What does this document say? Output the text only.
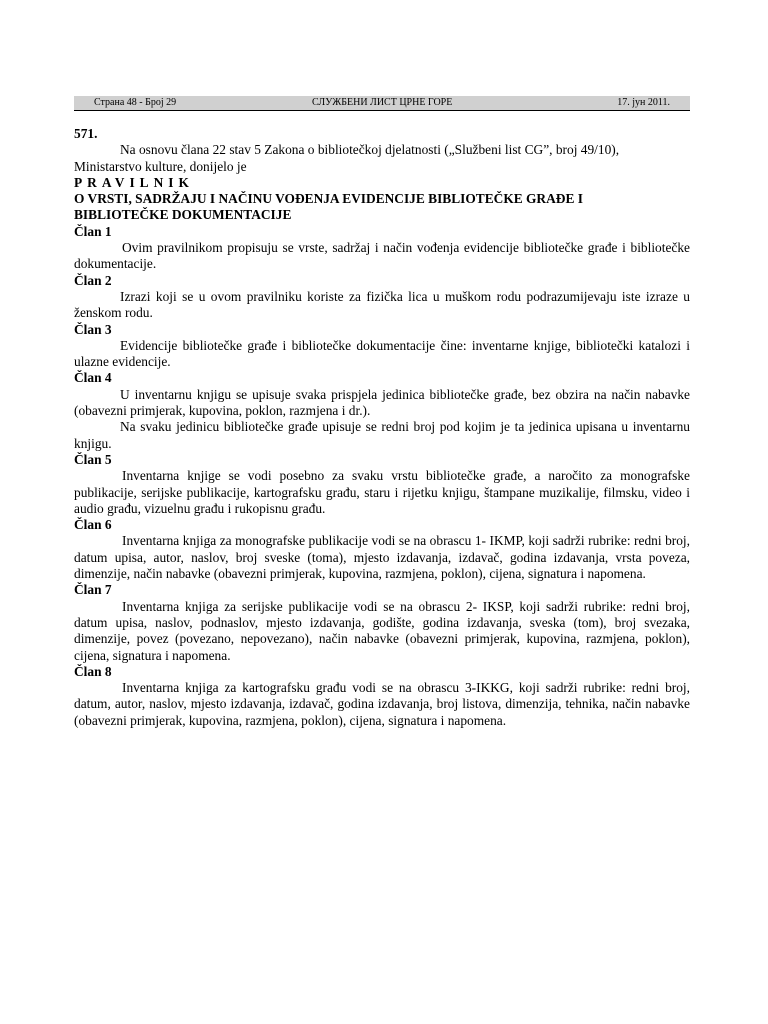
Страна 48 - Број 29	СЛУЖБЕНИ ЛИСТ ЦРНЕ ГОРЕ	17. јун 2011.

571.

Na osnovu člana 22 stav 5 Zakona o bibliotečkoj djelatnosti („Službeni list CG”, broj 49/10),
Ministarstvo kulture, donijelo je

PRAVILNIK

O VRSTI, SADRŽAJU I NAČINU VOĐENJA EVIDENCIJE BIBLIOTEČKE GRAĐE I

BIBLIOTEČKE DOKUMENTACIJE

Član 1

Ovim pravilnikom propisuju se vrste, sadržaj i način vođenja evidencije bibliotečke građe i bibliotečke dokumentacije.

Član 2

Izrazi koji se u ovom pravilniku koriste za fizička lica u muškom rodu podrazumijevaju iste izraze u ženskom rodu.

Član 3

Evidencije bibliotečke građe i bibliotečke dokumentacije čine: inventarne knjige, bibliotečki katalozi i ulazne evidencije.

Član 4

U inventarnu knjigu se upisuje svaka prispjela jedinica bibliotečke građe, bez obzira na način nabavke (obavezni primjerak, kupovina, poklon, razmjena i dr.).

Na svaku jedinicu bibliotečke građe upisuje se redni broj pod kojim je ta jedinica upisana u inventarnu knjigu.

Član 5

Inventarna knjige se vodi posebno za svaku vrstu bibliotečke građe, a naročito za monografske publikacije, serijske publikacije, kartografsku građu, staru i rijetku knjigu, štampane muzikalije, filmsku, video i audio građu, vizuelnu građu i rukopisnu građu.

Član 6

Inventarna knjiga za monografske publikacije vodi se na obrascu 1- IKMP, koji sadrži rubrike: redni broj, datum upisa, autor, naslov, broj sveske (toma), mjesto izdavanja, izdavač, godina izdavanja, vrsta poveza, dimenzije, način nabavke (obavezni primjerak, kupovina, razmjena, poklon), cijena, signatura i napomena.

Član 7

Inventarna knjiga za serijske publikacije vodi se na obrascu 2- IKSP, koji sadrži rubrike: redni broj, datum upisa, naslov, podnaslov, mjesto izdavanja, godište, godina izdavanja, sveska (tom), broj svezaka, dimenzije, povez (povezano, nepovezano), način nabavke (obavezni primjerak, kupovina, razmjena, poklon), cijena, signatura i napomena.

Član 8

Inventarna knjiga za kartografsku građu vodi se na obrascu 3-IKKG, koji sadrži rubrike: redni broj, datum, autor, naslov, mjesto izdavanja, izdavač, godina izdavanja, broj listova, dimenzija, tehnika, način nabavke (obavezni primjerak, kupovina, razmjena, poklon), cijena, signatura i napomena.
